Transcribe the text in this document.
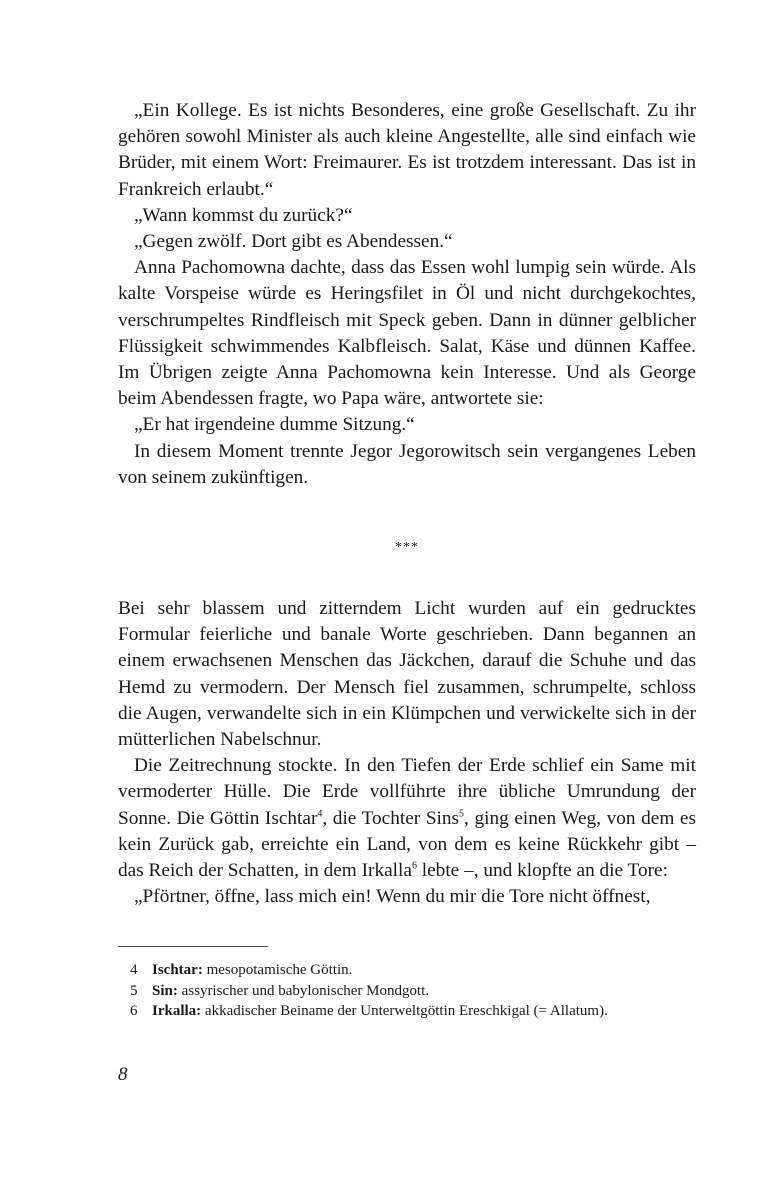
„Ein Kollege. Es ist nichts Besonderes, eine große Gesellschaft. Zu ihr gehören sowohl Minister als auch kleine Angestellte, alle sind einfach wie Brüder, mit einem Wort: Freimaurer. Es ist trotzdem interessant. Das ist in Frankreich erlaubt.“

„Wann kommst du zurück?“

„Gegen zwölf. Dort gibt es Abendessen.“

Anna Pachomowna dachte, dass das Essen wohl lumpig sein würde. Als kalte Vorspeise würde es Heringsfilet in Öl und nicht durchgekochtes, verschrumpeltes Rindfleisch mit Speck geben. Dann in dünner gelblicher Flüssigkeit schwimmendes Kalbfleisch. Salat, Käse und dünnen Kaffee. Im Übrigen zeigte Anna Pachomowna kein Interesse. Und als George beim Abendessen fragte, wo Papa wäre, antwortete sie:

„Er hat irgendeine dumme Sitzung.“

In diesem Moment trennte Jegor Jegorowitsch sein vergangenes Leben von seinem zukünftigen.

***

Bei sehr blassem und zitterndem Licht wurden auf ein gedrucktes Formular feierliche und banale Worte geschrieben. Dann begannen an einem erwachsenen Menschen das Jäckchen, darauf die Schuhe und das Hemd zu vermodern. Der Mensch fiel zusammen, schrumpelte, schloss die Augen, verwandelte sich in ein Klümpchen und verwickelte sich in der mütterlichen Nabelschnur.

Die Zeitrechnung stockte. In den Tiefen der Erde schlief ein Same mit vermoderter Hülle. Die Erde vollführte ihre übliche Umrundung der Sonne. Die Göttin Ischtar$^4$, die Tochter Sins$^5$, ging einen Weg, von dem es kein Zurück gab, erreichte ein Land, von dem es keine Rückkehr gibt – das Reich der Schatten, in dem Irkalla$^6$ lebte –, und klopfte an die Tore:

„Pförtner, öffne, lass mich ein! Wenn du mir die Tore nicht öffnest,

4 Ischtar: mesopotamische Göttin.

5 Sin: assyrischer und babylonischer Mondgott.

6 Irkalla: akkadischer Beiname der Unterweltgöttin Ereschkigal (= Allatum).

8
